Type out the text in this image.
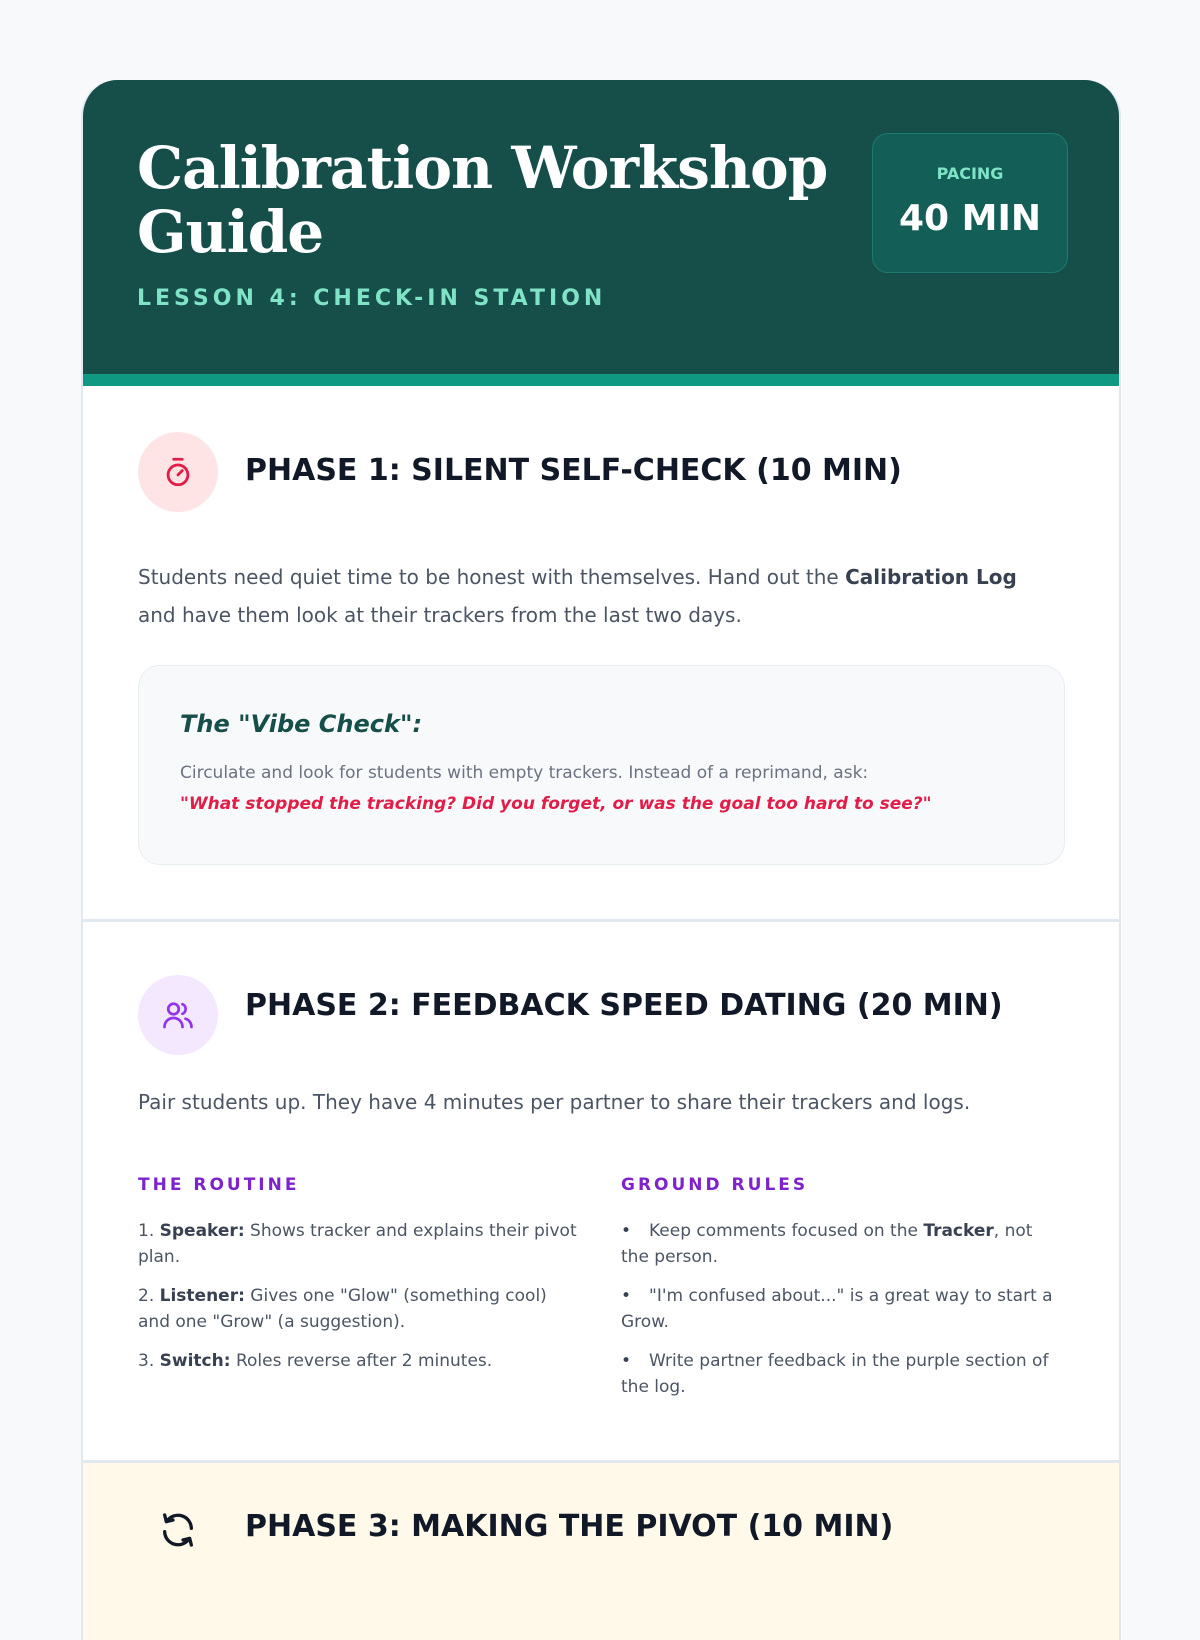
Calibration Workshop Guide

LESSON 4: CHECK-IN STATION

PACING
40 MIN
PHASE 1: SILENT SELF-CHECK (10 MIN)

Students need quiet time to be honest with themselves. Hand out the Calibration Log and have them look at their trackers from the last two days.

The "Vibe Check":

Circulate and look for students with empty trackers. Instead of a reprimand, ask:

"What stopped the tracking? Did you forget, or was the goal too hard to see?"

PHASE 2: FEEDBACK SPEED DATING (20 MIN)

Pair students up. They have 4 minutes per partner to share their trackers and logs.

THE ROUTINE

1. Speaker: Shows tracker and explains their pivot plan.
2. Listener: Gives one "Glow" (something cool) and one "Grow" (a suggestion).
3. Switch: Roles reverse after 2 minutes.

GROUND RULES

• Keep comments focused on the Tracker, not the person.
• "I'm confused about..." is a great way to start a Grow.
• Write partner feedback in the purple section of the log.
PHASE 3: MAKING THE PIVOT (10 MIN)
